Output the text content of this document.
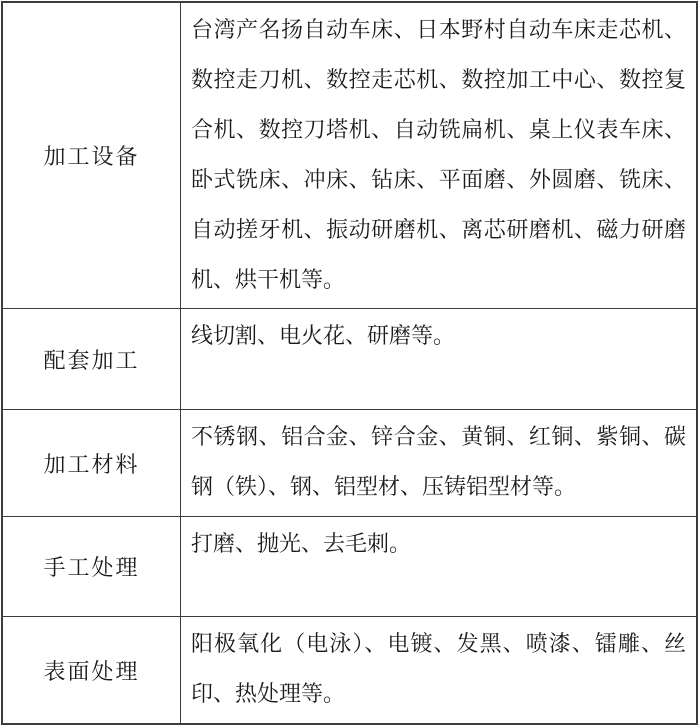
加工设备
台湾产名扬自动车床、日本野村自动车床走芯机、数控走刀机、数控走芯机、数控加工中心、数控复合机、数控刀塔机、自动铣扁机、桌上仪表车床、卧式铣床、冲床、钻床、平面磨、外圆磨、铣床、自动搓牙机、振动研磨机、离芯研磨机、磁力研磨机、烘干机等。
配套加工
线切割、电火花、研磨等。
加工材料
不锈钢、铝合金、锌合金、黄铜、红铜、紫铜、碳钢（铁）、钢、铝型材、压铸铝型材等。
手工处理
打磨、抛光、去毛刺。
表面处理
阳极氧化（电泳）、电镀、发黑、喷漆、镭雕、丝印、热处理等。
